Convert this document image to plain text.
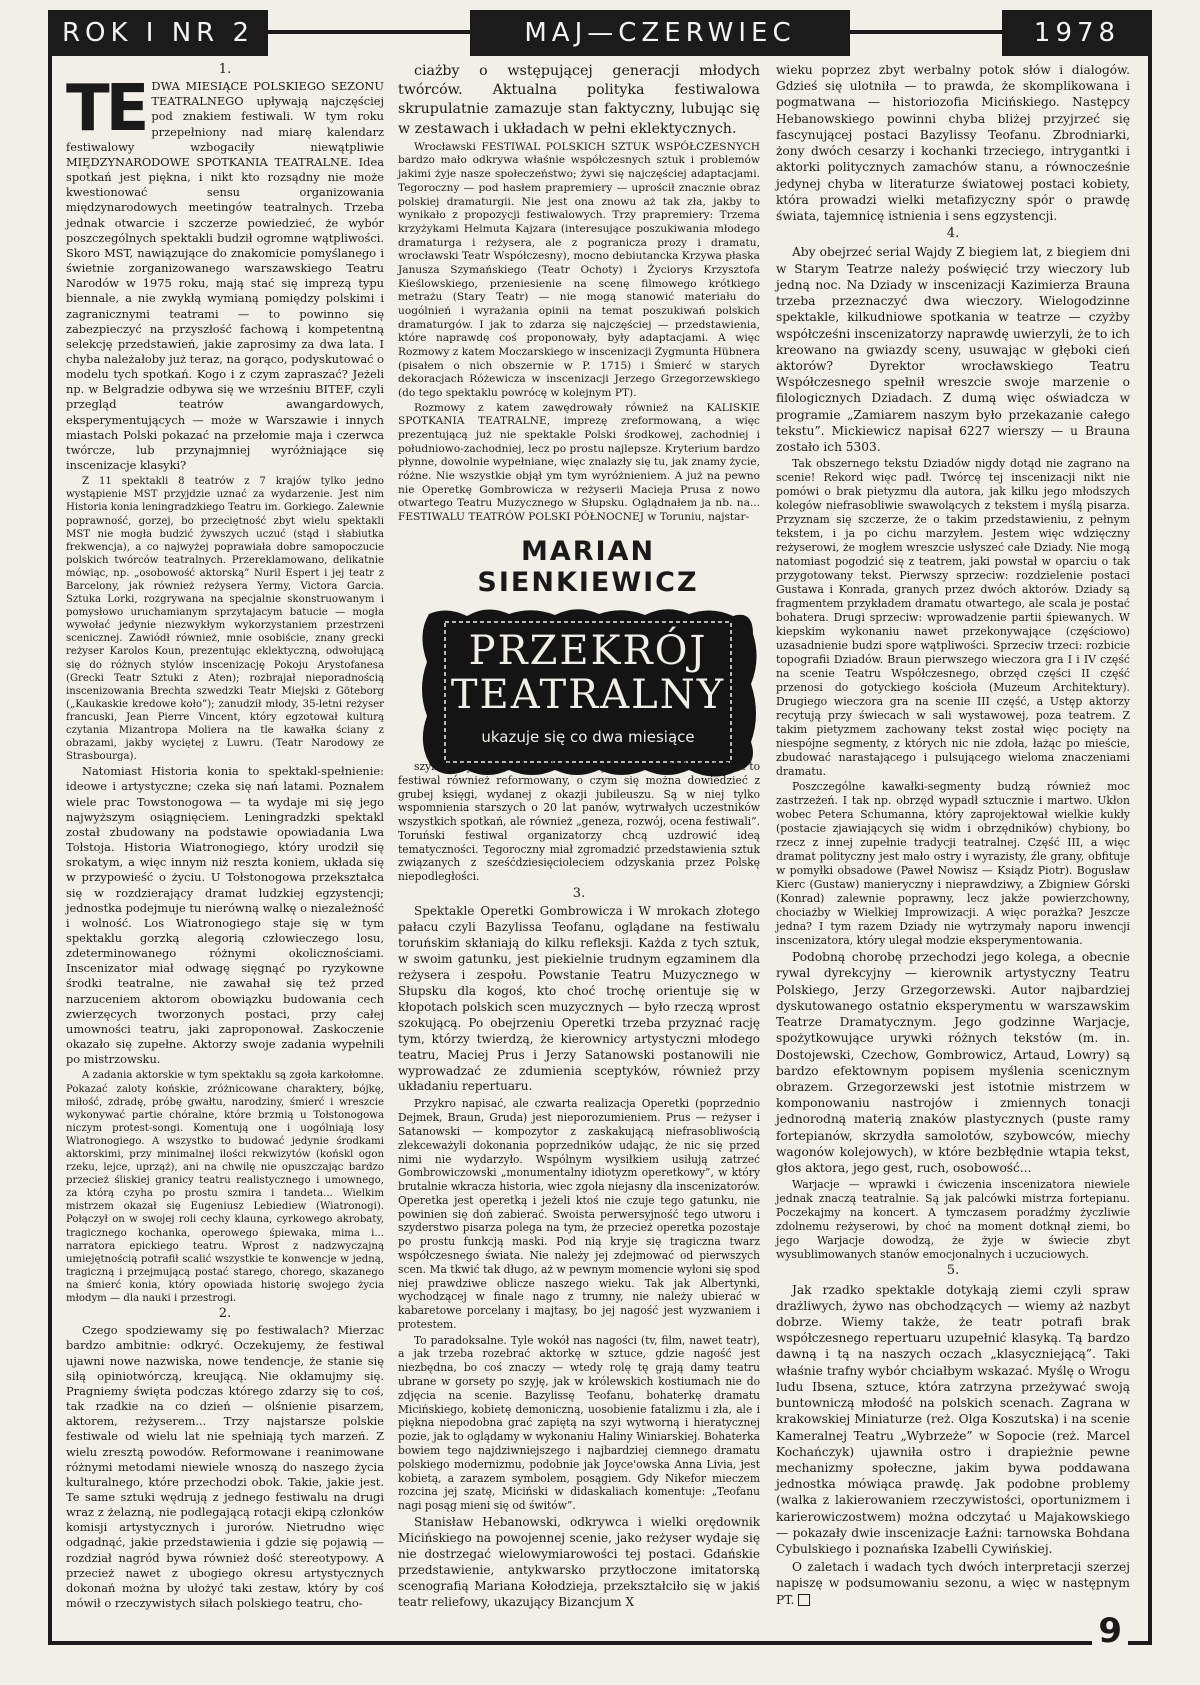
ROK I NR 2	MAJ—CZERWIEC	1978

1.

TE DWA MIESIĄCE POLSKIEGO SEZONU TEATRALNEGO upływają najczęściej pod znakiem festiwali. W tym roku przepełniony nad miarę kalendarz festiwalowy wzbogaciły niewątpliwie MIĘDZYNARODOWE SPOTKANIA TEATRALNE. Idea spotkań jest piękna, i nikt kto rozsądny nie może kwestionować sensu organizowania międzynarodowych meetingów teatralnych. Trzeba jednak otwarcie i szczerze powiedzieć, że wybór poszczególnych spektakli budził ogromne wątpliwości. Skoro MST, nawiązujące do znakomicie pomyślanego i świetnie zorganizowanego warszawskiego Teatru Narodów w 1975 roku, mają stać się imprezą typu biennale, a nie zwykłą wymianą pomiędzy polskimi i zagranicznymi teatrami — to powinno się zabezpieczyć na przyszłość fachową i kompetentną selekcję przedstawień, jakie zaprosimy za dwa lata. I chyba należałoby już teraz, na gorąco, podyskutować o modelu tych spotkań. Kogo i z czym zapraszać? Jeżeli np. w Belgradzie odbywa się we wrześniu BITEF, czyli przegląd teatrów awangardowych, eksperymentujących — może w Warszawie i innych miastach Polski pokazać na przełomie maja i czerwca twórcze, lub przynajmniej wyróżniające się inscenizacje klasyki?

Z 11 spektakli 8 teatrów z 7 krajów tylko jedno wystąpienie MST przyjdzie uznać za wydarzenie. Jest nim Historia konia leningradzkiego Teatru im. Gorkiego. Zalewnie poprawność, gorzej, bo przeciętność zbyt wielu spektakli MST nie mogła budzić żywszych uczuć (stąd i słabiutka frekwencja), a co najwyżej poprawiała dobre samopoczucie polskich twórców teatralnych. Przereklamowano, delikatnie mówiąc, np. „osobowość aktorską” Nuril Espert i jej teatr z Barcelony, jak również reżysera Yermy, Victora Garcia. Sztuka Lorki, rozgrywana na specjalnie skonstruowanym i pomysłowo uruchamianym sprzytajacym batucie — mogła wywołać jedynie niezwykłym wykorzystaniem przestrzeni scenicznej. Zawiódł również, mnie osobiście, znany grecki reżyser Karolos Koun, prezentując eklektyczną, odwołującą się do różnych stylów inscenizację Pokoju Arystofanesa (Grecki Teatr Sztuki z Aten); rozbrajał nieporadnością inscenizowania Brechta szwedzki Teatr Miejski z Göteborg („Kaukaskie kredowe koło”); zanudził młody, 35-letni reżyser francuski, Jean Pierre Vincent, który egzotował kulturą czytania Mizantropa Moliera na tle kawałka ściany z obrazami, jakby wyciętej z Luwru. (Teatr Narodowy ze Strasbourga).

Natomiast Historia konia to spektakl-spełnienie: ideowe i artystyczne; czeka się nań latami. Poznałem wiele prac Towstonogowa — ta wydaje mi się jego najwyższym osiągnięciem. Leningradzki spektakl został zbudowany na podstawie opowiadania Lwa Tołstoja. Historia Wiatronogiego, który urodził się srokatym, a więc innym niż reszta koniem, układa się w przypowieść o życiu. U Tołstonogowa przekształca się w rozdzierający dramat ludzkiej egzystencji; jednostka podejmuje tu nierówną walkę o niezależność i wolność. Los Wiatronogiego staje się w tym spektaklu gorzką alegorią człowieczego losu, zdeterminowanego różnymi okolicznościami. Inscenizator miał odwagę sięgnąć po ryzykowne środki teatralne, nie zawahał się też przed narzuceniem aktorom obowiązku budowania cech zwierzęcych tworzonych postaci, przy całej umowności teatru, jaki zaproponował. Zaskoczenie okazało się zupełne. Aktorzy swoje zadania wypełnili po mistrzowsku.

A zadania aktorskie w tym spektaklu są zgoła karkołomne. Pokazać zaloty końskie, zróżnicowane charaktery, bójkę, miłość, zdradę, próbę gwałtu, narodziny, śmierć i wreszcie wykonywać partie chóralne, które brzmią u Tołstonogowa niczym protest-songi. Komentują one i uogólniają losy Wiatronogiego. A wszystko to budować jedynie środkami aktorskimi, przy minimalnej ilości rekwizytów (końskl ogon rzeku, lejce, uprząż), ani na chwilę nie opuszczając bardzo przecież śliskiej granicy teatru realistycznego i umownego, za którą czyha po prostu szmira i tandeta... Wielkim mistrzem okazał się Eugeniusz Lebiediew (Wiatronogi). Połączył on w swojej roli cechy klauna, cyrkowego akrobaty, tragicznego kochanka, operowego śpiewaka, mima i... narratora epickiego teatru. Wprost z nadzwyczajną umiejętnością potrafił scalić wszystkie te konwencje w jedną, tragiczną i przejmującą postać starego, chorego, skazanego na śmierć konia, który opowiada historię swojego życia młodym — dla nauki i przestrogi.

2.

Czego spodziewamy się po festiwalach? Mierzac bardzo ambitnie: odkryć. Oczekujemy, że festiwal ujawni nowe nazwiska, nowe tendencje, że stanie się siłą opiniotwórczą, kreującą. Nie okłamujmy się. Pragniemy święta podczas którego zdarzy się to coś, tak rzadkie na co dzień — olśnienie pisarzem, aktorem, reżyserem... Trzy najstarsze polskie festiwale od wielu lat nie spełniają tych marzeń. Z wielu zresztą powodów. Reformowane i reanimowane różnymi metodami niewiele wnoszą do naszego życia kulturalnego, które przechodzi obok. Takie, jakie jest. Te same sztuki wędrują z jednego festiwalu na drugi wraz z żelazną, nie podlegającą rotacji ekipą członków komisji artystycznych i jurorów. Nietrudno więc odgadnąć, jakie przedstawienia i gdzie się pojawią — rozdział nagród bywa również dość stereotypowy. A przecież nawet z ubogiego okresu artystycznych dokonań można by ułożyć taki zestaw, który by coś mówił o rzeczywistych siłach polskiego teatru, cho-

ciażby o wstępującej generacji młodych twórców. Aktualna polityka festiwalowa skrupulatnie zamazuje stan faktyczny, lubując się w zestawach i układach w pełni eklektycznych.

Wrocławski FESTIWAL POLSKICH SZTUK WSPÓŁCZESNYCH bardzo mało odkrywa właśnie współczesnych sztuk i problemów jakimi żyje nasze społeczeństwo; żywi się najczęściej adaptacjami. Tegoroczny — pod hasłem prapremiery — uprościł znacznie obraz polskiej dramaturgii. Nie jest ona znowu aż tak zła, jakby to wynikało z propozycji festiwalowych. Trzy prapremiery: Trzema krzyżykami Helmuta Kajzara (interesujące poszukiwania młodego dramaturga i reżysera, ale z pogranicza prozy i dramatu, wrocławski Teatr Współczesny), mocno debiutancka Krzywa płaska Janusza Szymańskiego (Teatr Ochoty) i Życiorys Krzysztofa Kieślowskiego, przeniesienie na scenę filmowego krótkiego metrażu (Stary Teatr) — nie mogą stanowić materiału do uogólnień i wyrażania opinii na temat poszukiwań polskich dramaturgów. I jak to zdarza się najczęściej — przedstawienia, które naprawdę coś proponowały, były adaptacjami. A więc Rozmowy z katem Moczarskiego w inscenizacji Zygmunta Hübnera (pisałem o nich obszernie w P. 1715) i Śmierć w starych dekoracjach Różewicza w inscenizacji Jerzego Grzegorzewskiego (do tego spektaklu powrócę w kolejnym PT).

Rozmowy z katem zawędrowały również na KALISKIE SPOTKANIA TEATRALNE, imprezę zreformowaną, a więc prezentującą już nie spektakle Polski środkowej, zachodniej i południowo-zachodniej, lecz po prostu najlepsze. Kryterium bardzo płynne, dowolnie wypełniane, więc znalazły się tu, jak znamy życie, różne. Nie wszystkie objął ym tym wyróżnieniem. A już na pewno nie Operetkę Gombrowicza w reżyserii Macieja Prusa z nowo otwartego Teatru Muzycznego w Słupsku. Oglądnałem ja nb. na... FESTIWALU TEATRÓW POLSKI PÓŁNOCNEJ w Toruniu, najstar-

MARIAN SIENKIEWICZ
PRZEKRÓJ
TEATRALNY
ukazuje się co dwa miesiące

szym (w tym roku obchodził uroczyście swoje 20-lecie!). Jest to festiwal również reformowany, o czym się można dowiedzieć z grubej księgi, wydanej z okazji jubileuszu. Są w niej tylko wspomnienia starszych o 20 lat panów, wytrwałych uczestników wszystkich spotkań, ale również „geneza, rozwój, ocena festiwali”. Toruński festiwal organizatorzy chcą uzdrowić ideą tematyczności. Tegoroczny miał zgromadzić przedstawienia sztuk związanych z sześćdziesięcioleciem odzyskania przez Polskę niepodległości.

3.

Spektakle Operetki Gombrowicza i W mrokach złotego pałacu czyli Bazylissa Teofanu, oglądane na festiwalu toruńskim skłaniają do kilku refleksji. Każda z tych sztuk, w swoim gatunku, jest piekielnie trudnym egzaminem dla reżysera i zespołu. Powstanie Teatru Muzycznego w Słupsku dla kogoś, kto choć trochę orientuje się w kłopotach polskich scen muzycznych — było rzeczą wprost szokującą. Po obejrzeniu Operetki trzeba przyznać rację tym, którzy twierdzą, że kierownicy artystyczni młodego teatru, Maciej Prus i Jerzy Satanowski postanowili nie wyprowadzać ze zdumienia sceptyków, również przy układaniu repertuaru.

Przykro napisać, ale czwarta realizacja Operetki (poprzednio Dejmek, Braun, Gruda) jest nieporozumieniem. Prus — reżyser i Satanowski — kompozytor z zaskakującą niefrasobliwością zlekceważyli dokonania poprzedników udając, że nic się przed nimi nie wydarzyło. Wspólnym wysiłkiem usiłują zatrzeć Gombrowiczowski „monumentalny idiotyzm operetkowy”, w który brutalnie wkracza historia, wiec zgoła niejasny dla inscenizatorów. Operetka jest operetką i jeżeli ktoś nie czuje tego gatunku, nie powinien się doń zabierać. Swoista perwersyjność tego utworu i szyderstwo pisarza polega na tym, że przecież operetka pozostaje po prostu funkcją maski. Pod nią kryje się tragiczna twarz współczesnego świata. Nie należy jej zdejmować od pierwszych scen. Ma tkwić tak długo, aż w pewnym momencie wyłoni się spod niej prawdziwe oblicze naszego wieku. Tak jak Albertynki, wychodzącej w finale nago z trumny, nie należy ubierać w kabaretowe porcelany i majtasy, bo jej nagość jest wyzwaniem i protestem.

To paradoksalne. Tyle wokół nas nagości (tv, film, nawet teatr), a jak trzeba rozebrać aktorkę w sztuce, gdzie nagość jest niezbędna, bo coś znaczy — wtedy rolę tę grają damy teatru ubrane w gorsety po szyję, jak w królewskich kostiumach nie do zdjęcia na scenie. Bazylissę Teofanu, bohaterkę dramatu Micińskiego, kobietę demoniczną, uosobienie fatalizmu i zła, ale i piękna niepodobna grać zapiętą na szyi wytworną i hieratycznej pozie, jak to oglądamy w wykonaniu Haliny Winiarskiej. Bohaterka bowiem tego najdziwniejszego i najbardziej ciemnego dramatu polskiego modernizmu, podobnie jak Joyce'owska Anna Livia, jest kobietą, a zarazem symbolem, posągiem. Gdy Nikefor mieczem rozcina jej szatę, Miciński w didaskaliach komentuje: „Teofanu nagi posąg mieni się od świtów”.

Stanisław Hebanowski, odkrywca i wielki orędownik Micińskiego na powojennej scenie, jako reżyser wydaje się nie dostrzegać wielowymiarowości tej postaci. Gdańskie przedstawienie, antykwarsko przytłoczone imitatorską scenografią Mariana Kołodzieja, przekształciło się w jakiś teatr reliefowy, ukazujący Bizancjum X

wieku poprzez zbyt werbalny potok słów i dialogów. Gdzieś się ulotniła — to prawda, że skomplikowana i pogmatwana — historiozofia Micińskiego. Następcy Hebanowskiego powinni chyba bliżej przyjrzeć się fascynującej postaci Bazylissy Teofanu. Zbrodniarki, żony dwóch cesarzy i kochanki trzeciego, intrygantki i aktorki politycznych zamachów stanu, a równocześnie jedynej chyba w literaturze światowej postaci kobiety, która prowadzi wielki metafizyczny spór o prawdę świata, tajemnicę istnienia i sens egzystencji.

4.

Aby obejrzeć serial Wajdy Z biegiem lat, z biegiem dni w Starym Teatrze należy poświęcić trzy wieczory lub jedną noc. Na Dziady w inscenizacji Kazimierza Brauna trzeba przeznaczyć dwa wieczory. Wielogodzinne spektakle, kilkudniowe spotkania w teatrze — czyżby współcześni inscenizatorzy naprawdę uwierzyli, że to ich kreowano na gwiazdy sceny, usuwając w głęboki cień aktorów? Dyrektor wrocławskiego Teatru Współczesnego spełnił wreszcie swoje marzenie o filologicznych Dziadach. Z dumą więc oświadcza w programie „Zamiarem naszym było przekazanie całego tekstu”. Mickiewicz napisał 6227 wierszy — u Brauna zostało ich 5303.

Tak obszernego tekstu Dziadów nigdy dotąd nie zagrano na scenie! Rekord więc padł. Twórcę tej inscenizacji nikt nie pomówi o brak pietyzmu dla autora, jak kilku jego młodszych kolegów niefrasobliwie swawolących z tekstem i myślą pisarza. Przyznam się szczerze, że o takim przedstawieniu, z pełnym tekstem, i ja po cichu marzyłem. Jestem więc wdzięczny reżyserowi, że mogłem wreszcie usłyszeć całe Dziady. Nie mogą natomiast pogodzić się z teatrem, jaki powstał w oparciu o tak przygotowany tekst. Pierwszy sprzeciw: rozdzielenie postaci Gustawa i Konrada, granych przez dwóch aktorów. Dziady są fragmentem przykładem dramatu otwartego, ale scala je postać bohatera. Drugi sprzeciw: wprowadzenie partii śpiewanych. W kiepskim wykonaniu nawet przekonywające (częściowo) uzasadnienie budzi spore wątpliwości. Sprzeciw trzeci: rozbicie topografii Dziadów. Braun pierwszego wieczora gra I i IV część na scenie Teatru Współczesnego, obrzęd części II część przenosi do gotyckiego kościoła (Muzeum Architektury). Drugiego wieczora gra na scenie III część, a Ustęp aktorzy recytują przy świecach w sali wystawowej, poza teatrem. Z takim pietyzmem zachowany tekst został więc pocięty na niespójne segmenty, z których nic nie zdoła, łażąc po mieście, zbudować narastającego i pulsującego wieloma znaczeniami dramatu.

Poszczególne kawałki-segmenty budzą również moc zastrzeżeń. I tak np. obrzęd wypadł sztucznie i martwo. Ukłon wobec Petera Schumanna, który zaprojektował wielkie kukły (postacie zjawiających się widm i obrzędników) chybiony, bo rzecz z innej zupełnie tradycji teatralnej. Część III, a więc dramat polityczny jest mało ostry i wyrazisty, źle grany, obfituje w pomyłki obsadowe (Paweł Nowisz — Ksiądz Piotr). Bogusław Kierc (Gustaw) manieryczny i nieprawdziwy, a Zbigniew Górski (Konrad) zalewnie poprawny, lecz jakże powierzchowny, chociażby w Wielkiej Improwizacji. A więc porażka? Jeszcze jedna? I tym razem Dziady nie wytrzymały naporu inwencji inscenizatora, który ulegał modzie eksperymentowania.

Podobną chorobę przechodzi jego kolega, a obecnie rywal dyrekcyjny — kierownik artystyczny Teatru Polskiego, Jerzy Grzegorzewski. Autor najbardziej dyskutowanego ostatnio eksperymentu w warszawskim Teatrze Dramatycznym. Jego godzinne Warjacje, spożytkowujące urywki różnych tekstów (m. in. Dostojewski, Czechow, Gombrowicz, Artaud, Lowry) są bardzo efektownym popisem myślenia scenicznym obrazem. Grzegorzewski jest istotnie mistrzem w komponowaniu nastrojów i zmiennych tonacji jednorodną materią znaków plastycznych (puste ramy fortepianów, skrzydła samolotów, szybowców, miechy wagonów kolejowych), w które bezbłędnie wtapia tekst, głos aktora, jego gest, ruch, osobowość...

Warjacje — wprawki i ćwiczenia inscenizatora niewiele jednak znaczą teatralnie. Są jak palcówki mistrza fortepianu. Poczekajmy na koncert. A tymczasem poradźmy życzliwie zdolnemu reżyserowi, by choć na moment dotknął ziemi, bo jego Warjacje dowodzą, że żyje w świecie zbyt wysublimowanych stanów emocjonalnych i uczuciowych.

5.

Jak rzadko spektakle dotykają ziemi czyli spraw drażliwych, żywo nas obchodzących — wiemy aż nazbyt dobrze. Wiemy także, że teatr potrafi brak współczesnego repertuaru uzupełnić klasyką. Tą bardzo dawną i tą na naszych oczach „klasyczniejącą”. Taki właśnie trafny wybór chciałbym wskazać. Myślę o Wrogu ludu Ibsena, sztuce, która zatrzyna przeżywać swoją buntowniczą młodość na polskich scenach. Zagrana w krakowskiej Miniaturze (reż. Olga Koszutska) i na scenie Kameralnej Teatru „Wybrzeże” w Sopocie (reż. Marcel Kochańczyk) ujawniła ostro i drapieżnie pewne mechanizmy społeczne, jakim bywa poddawana jednostka mówiąca prawdę. Jak podobne problemy (walka z lakierowaniem rzeczywistości, oportunizmem i karierowiczostwem) można odczytać u Majakowskiego — pokazały dwie inscenizacje Łaźni: tarnowska Bohdana Cybulskiego i poznańska Izabelli Cywińskiej.

O zaletach i wadach tych dwóch interpretacji szerzej napiszę w podsumowaniu sezonu, a więc w następnym PT.

9
